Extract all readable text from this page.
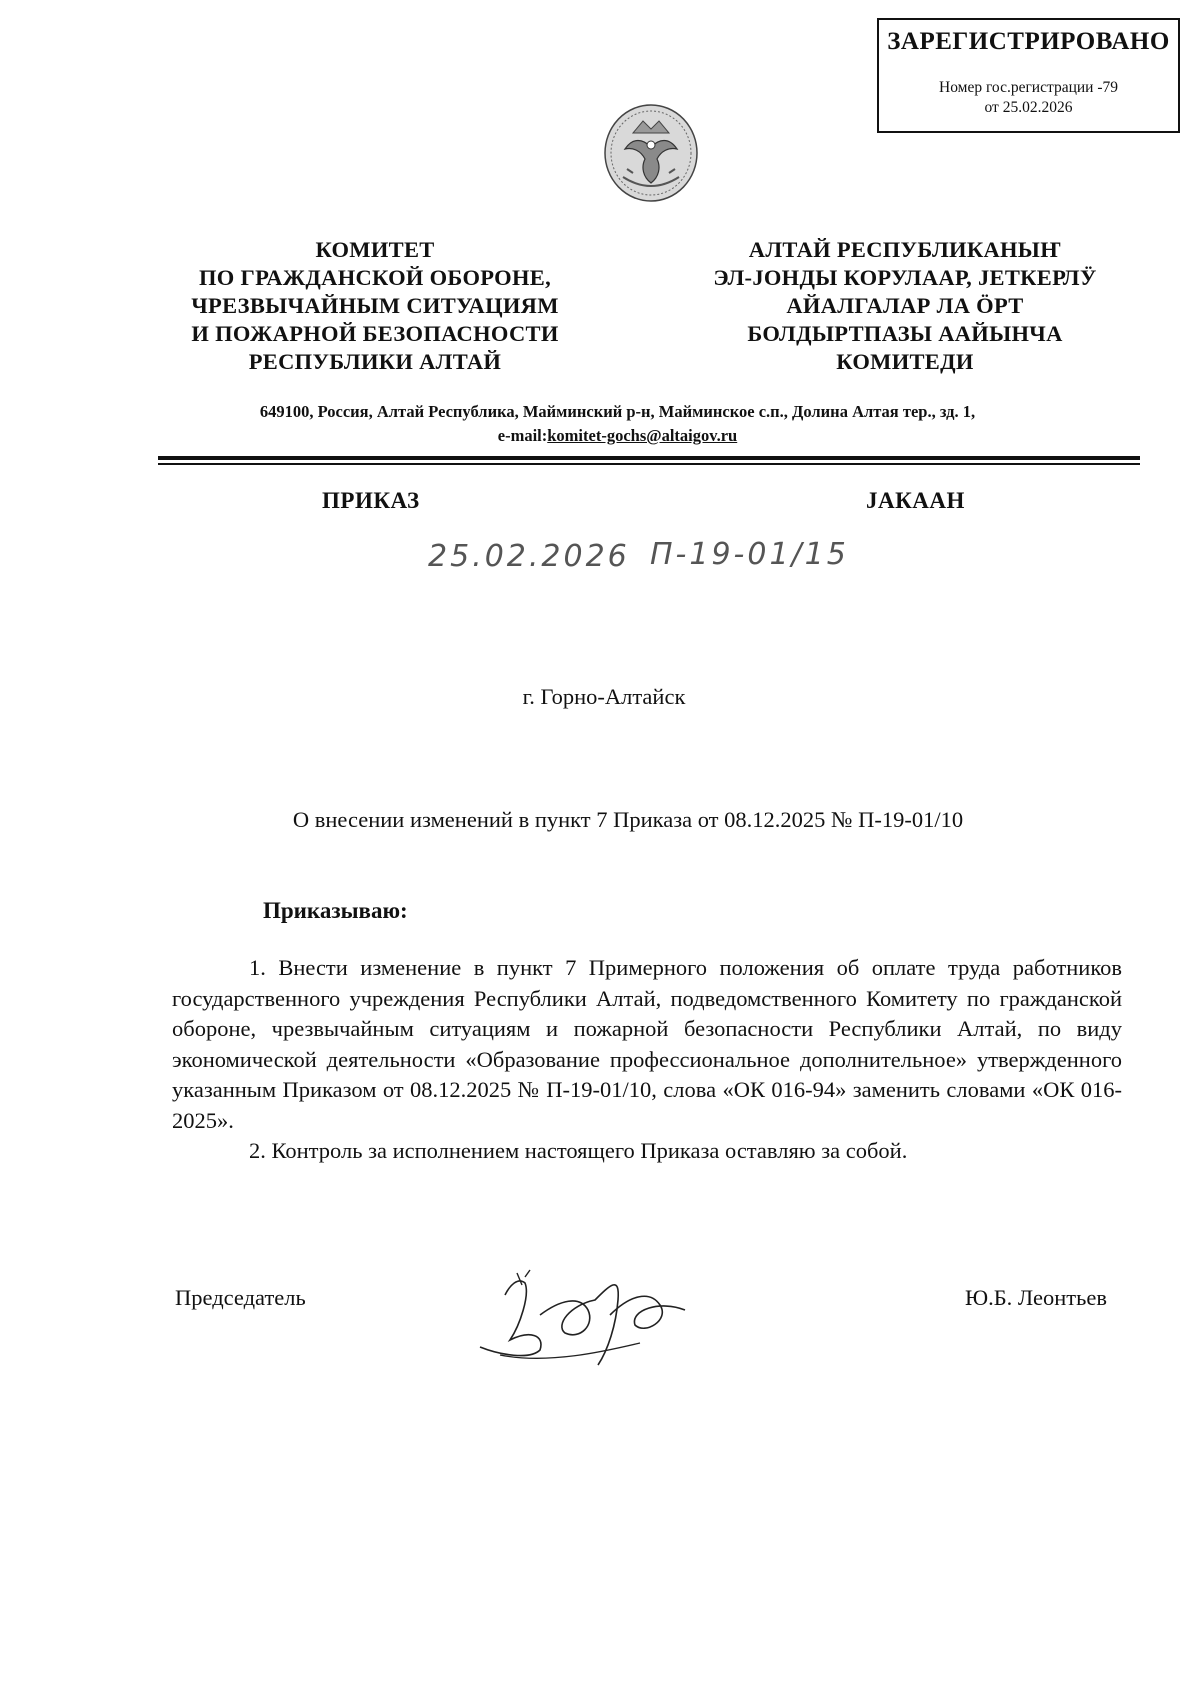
ЗАРЕГИСТРИРОВАНО
Номер гос.регистрации -79
от 25.02.2026
КОМИТЕТ
ПО ГРАЖДАНСКОЙ ОБОРОНЕ,
ЧРЕЗВЫЧАЙНЫМ СИТУАЦИЯМ
И ПОЖАРНОЙ БЕЗОПАСНОСТИ
РЕСПУБЛИКИ АЛТАЙ
АЛТАЙ РЕСПУБЛИКАНЫҤ
ЭЛ-ЈОНДЫ КОРУЛААР, ЈЕТКЕРЛӰ
АЙАЛГАЛАР ЛА ӦРТ
БОЛДЫРТПАЗЫ ААЙЫНЧА
КОМИТЕДИ
649100, Россия, Алтай Республика, Майминский р-н, Майминское с.п., Долина Алтая тер., зд. 1,
e-mail:komitet-gochs@altaigov.ru
ПРИКАЗ	ЈАКААН
25.02.2026 П-19-01/15
г. Горно-Алтайск
О внесении изменений в пункт 7 Приказа от 08.12.2025 № П-19-01/10
Приказываю:

1. Внести изменение в пункт 7 Примерного положения об оплате труда работников государственного учреждения Республики Алтай, подведомственного Комитету по гражданской обороне, чрезвычайным ситуациям и пожарной безопасности Республики Алтай, по виду экономической деятельности «Образование профессиональное дополнительное» утвержденного указанным Приказом от 08.12.2025 № П-19-01/10, слова «ОК 016-94» заменить словами «ОК 016-2025».

2. Контроль за исполнением настоящего Приказа оставляю за собой.

Председатель	Ю.Б. Леонтьев
